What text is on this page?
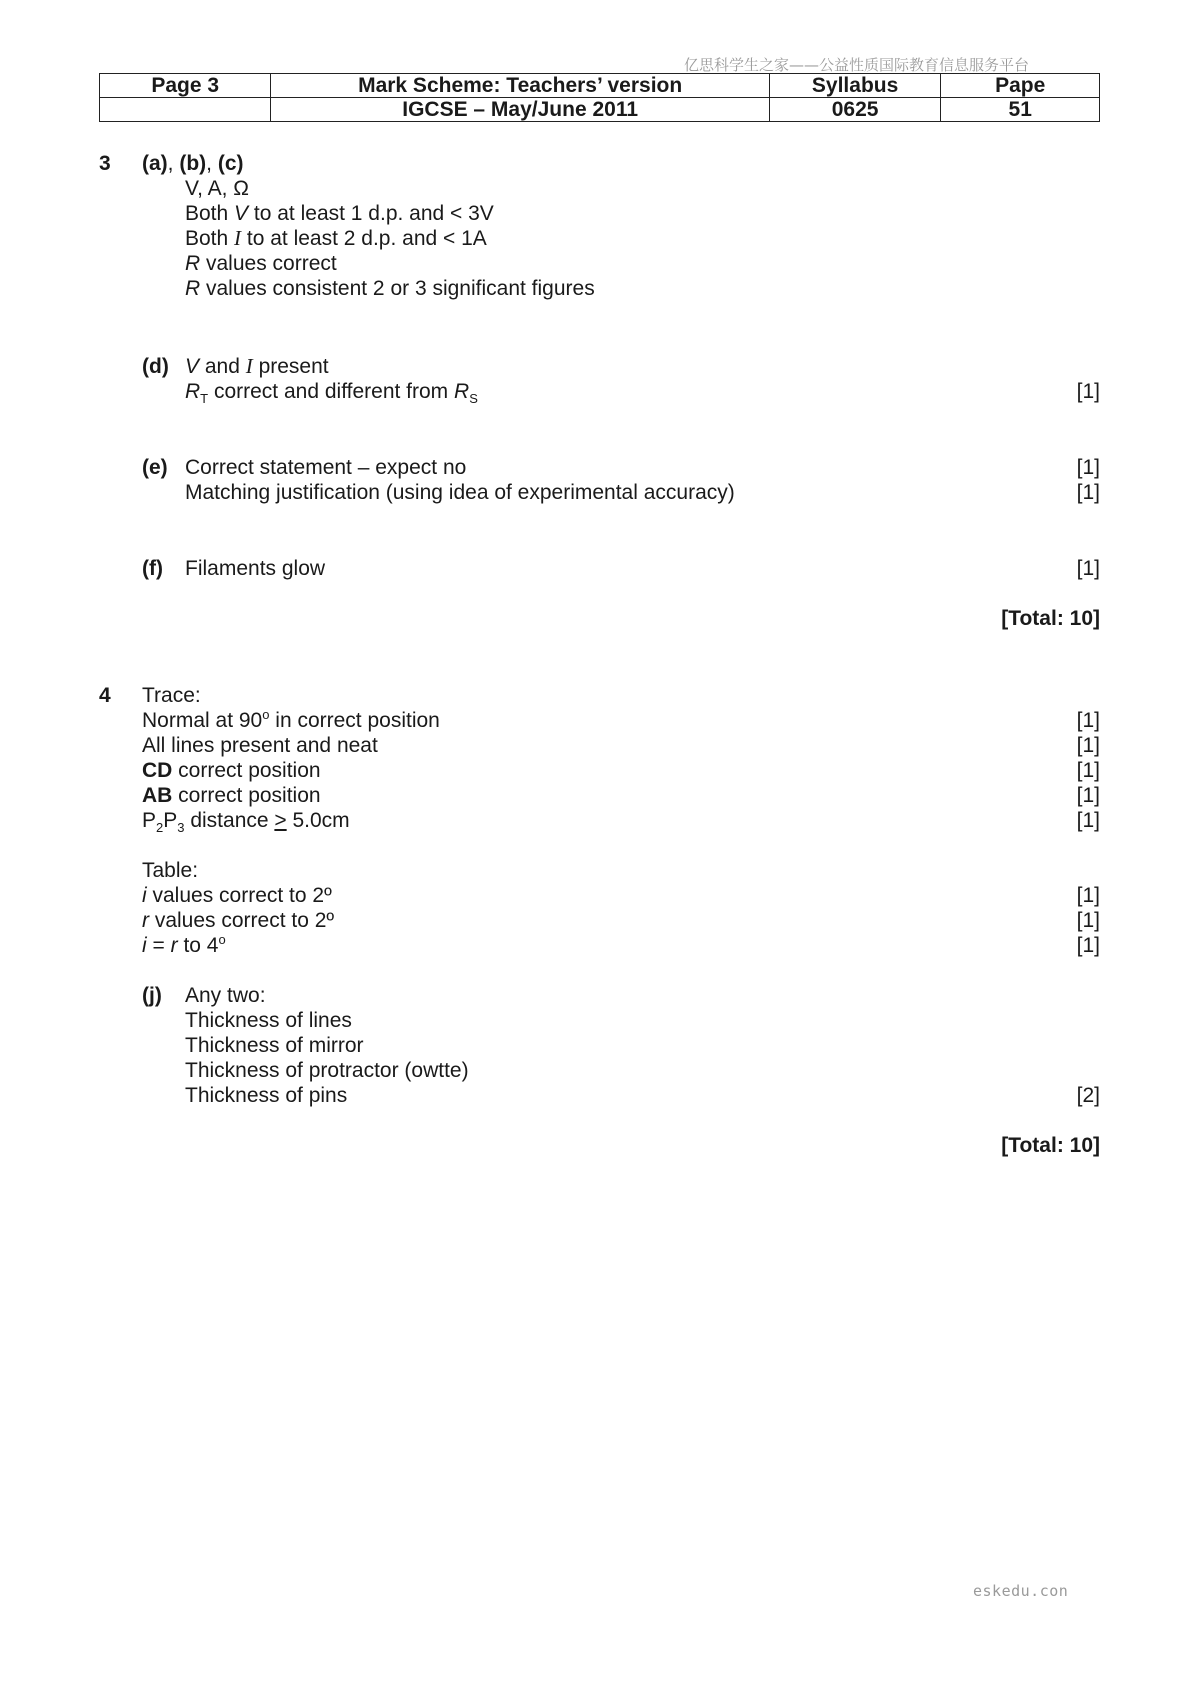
亿思科学生之家——公益性质国际教育信息服务平台
Page 3	Mark Scheme: Teachers’ version	Syllabus	Pape
	IGCSE – May/June 2011	0625	51
3 (a), (b), (c)
V, A, Ω
Both V to at least 1 d.p. and < 3V
Both I to at least 2 d.p. and < 1A
R values correct
R values consistent 2 or 3 significant figures
(d) V and I present
$R_T$ correct and different from $R_S$	[1]
(e) Correct statement – expect no	[1]
Matching justification (using idea of experimental accuracy)	[1]
(f) Filaments glow	[1]
[Total: 10]
4 Trace:
Normal at 90$^o$ in correct position	[1]
All lines present and neat	[1]
CD correct position	[1]
AB correct position	[1]
$P_2P_3$ distance > 5.0cm	[1]
Table:
i values correct to 2º	[1]
r values correct to 2º	[1]
i = r to 4$^o$	[1]
(j) Any two:
Thickness of lines
Thickness of mirror
Thickness of protractor (owtte)
Thickness of pins	[2]
[Total: 10]
eskedu.con
